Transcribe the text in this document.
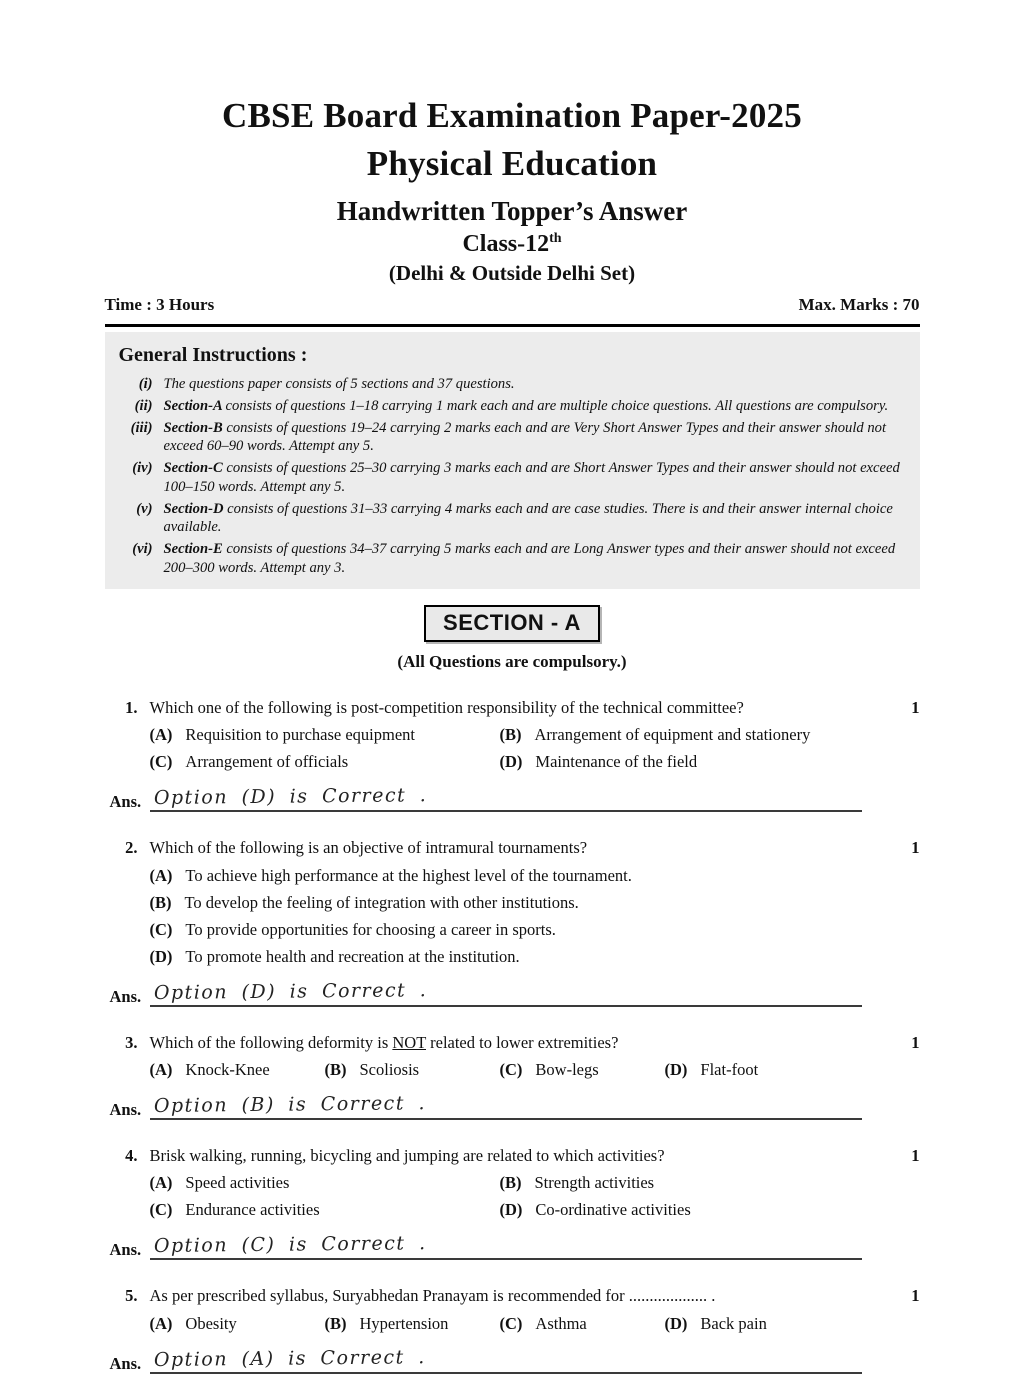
CBSE Board Examination Paper-2025
Physical Education
Handwritten Topper’s Answer
Class-12th
(Delhi & Outside Delhi Set)
Time : 3 Hours	Max. Marks : 70
General Instructions :
(i) The questions paper consists of 5 sections and 37 questions.
(ii) Section-A consists of questions 1–18 carrying 1 mark each and are multiple choice questions. All questions are compulsory.
(iii) Section-B consists of questions 19–24 carrying 2 marks each and are Very Short Answer Types and their answer should not exceed 60–90 words. Attempt any 5.
(iv) Section-C consists of questions 25–30 carrying 3 marks each and are Short Answer Types and their answer should not exceed 100–150 words. Attempt any 5.
(v) Section-D consists of questions 31–33 carrying 4 marks each and are case studies. There is and their answer internal choice available.
(vi) Section-E consists of questions 34–37 carrying 5 marks each and are Long Answer types and their answer should not exceed 200–300 words. Attempt any 3.
SECTION - A
(All Questions are compulsory.)
1. Which one of the following is post-competition responsibility of the technical committee?	1
(A) Requisition to purchase equipment	(B) Arrangement of equipment and stationery
(C) Arrangement of officials	(D) Maintenance of the field
Ans. Option (D) is Correct .
2. Which of the following is an objective of intramural tournaments?	1
(A) To achieve high performance at the highest level of the tournament.
(B) To develop the feeling of integration with other institutions.
(C) To provide opportunities for choosing a career in sports.
(D) To promote health and recreation at the institution.
Ans. Option (D) is Correct .
3. Which of the following deformity is NOT related to lower extremities?	1
(A) Knock-Knee	(B) Scoliosis	(C) Bow-legs	(D) Flat-foot
Ans. Option (B) is Correct .
4. Brisk walking, running, bicycling and jumping are related to which activities?	1
(A) Speed activities	(B) Strength activities
(C) Endurance activities	(D) Co-ordinative activities
Ans. Option (C) is Correct .
5. As per prescribed syllabus, Suryabhedan Pranayam is recommended for ................... .	1
(A) Obesity	(B) Hypertension	(C) Asthma	(D) Back pain
Ans. Option (A) is Correct .
